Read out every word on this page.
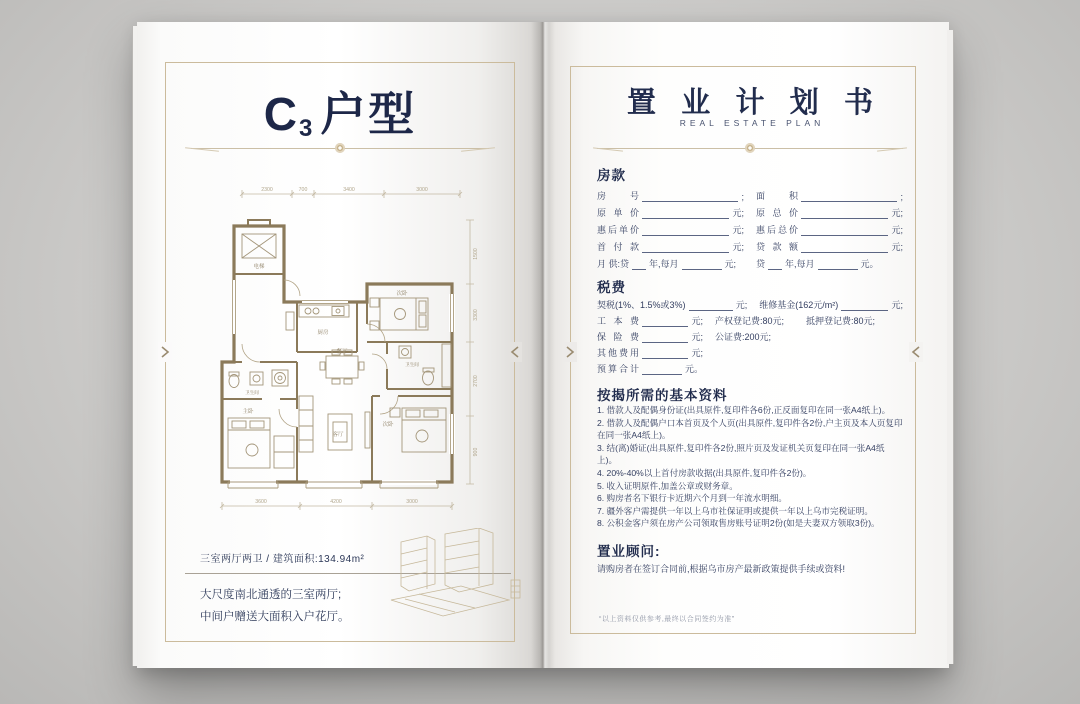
$C_3$ 户型
2300	700	3400	3000
3600	4200	3000
1500
3300
2700
900
电梯
厨房
餐厅
客厅
主卧
次卧
次卧
卫生间
卫生间
三室两厅两卫 / 建筑面积:134.94m²
大尺度南北通透的三室两厅;
中间户赠送大面积入户花厅。
置 业 计 划 书
REAL ESTATE PLAN
房款
房 号	; 面 积	;
原单价	元; 原总价	元;
惠后单价	元; 惠后总价	元;
首付款	元; 贷款额	元;
月 供:贷 年,每月	元; 贷 年,每月	元。
税费
契税(1%、1.5%或3%)	元; 维修基金(162元/m²)	元;
工本费	元; 产权登记费:80元; 抵押登记费:80元;
保险费	元; 公证费:200元;
其他费用	元;
预算合计	元。
按揭所需的基本资料
1. 借款人及配偶身份证(出具原件,复印件各6份,正反面复印在同一张A4纸上)。
2. 借款人及配偶户口本首页及个人页(出具原件,复印件各2份,户主页及本人页复印在同一张A4纸上)。
3. 结(离)婚证(出具原件,复印件各2份,照片页及发证机关页复印在同一张A4纸上)。
4. 20%-40%以上首付房款收据(出具原件,复印件各2份)。
5. 收入证明原件,加盖公章或财务章。
6. 购房者名下银行卡近期六个月到一年流水明细。
7. 疆外客户需提供一年以上乌市社保证明或提供一年以上乌市完税证明。
8. 公积金客户须在房产公司领取售房账号证明2份(如是夫妻双方领取3份)。
置业顾问:
请购房者在签订合同前,根据乌市房产最新政策提供手续或资料!
“以上资料仅供参考,最终以合同签约为准”
